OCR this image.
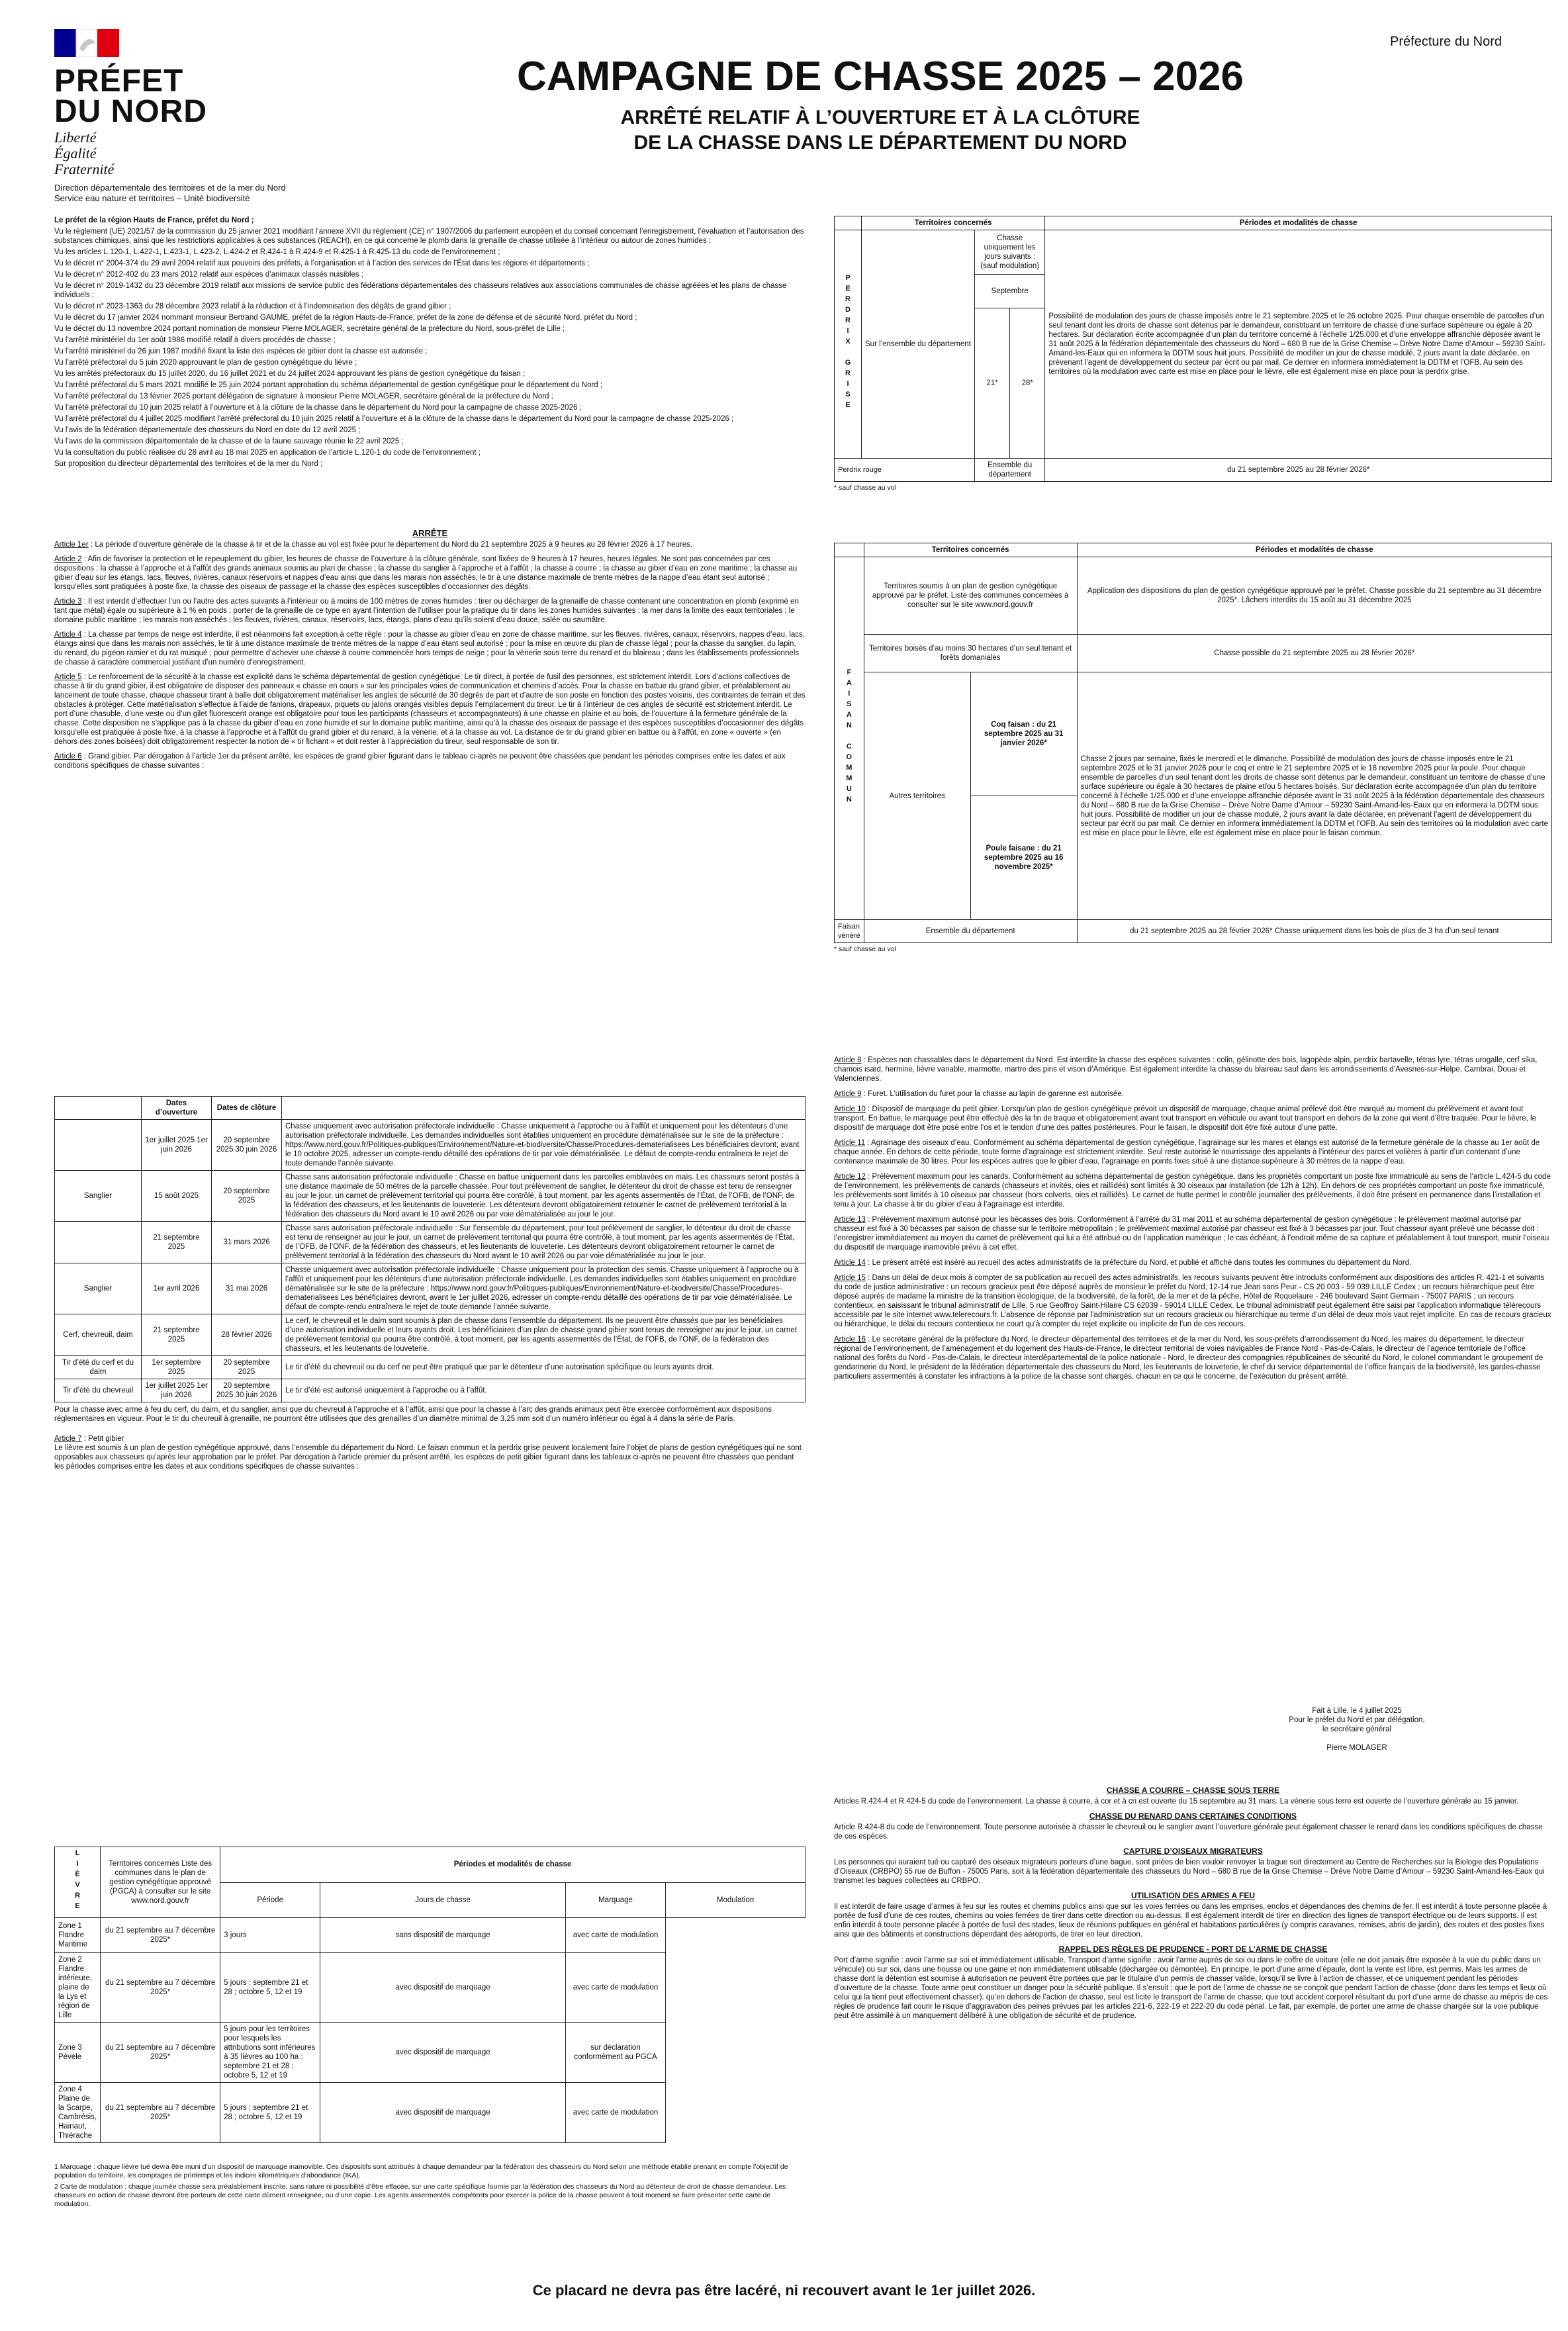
PRÉFET
DU NORD
Liberté
Égalité
Fraternité
Préfecture du Nord
CAMPAGNE DE CHASSE 2025 – 2026
ARRÊTÉ RELATIF À L’OUVERTURE ET À LA CLÔTURE
DE LA CHASSE DANS LE DÉPARTEMENT DU NORD
Direction départementale des territoires et de la mer du Nord
Service eau nature et territoires – Unité biodiversité

Le préfet de la région Hauts de France, préfet du Nord ;

Vu le règlement (UE) 2021/57 de la commission du 25 janvier 2021 modifiant l’annexe XVII du règlement (CE) n° 1907/2006 du parlement européen et du conseil concernant l’enregistrement, l’évaluation et l’autorisation des substances chimiques, ainsi que les restrictions applicables à ces substances (REACH), en ce qui concerne le plomb dans la grenaille de chasse utilisée à l’intérieur ou autour de zones humides ;

Vu les articles L.120-1, L.422-1, L.423-1, L.423-2, L.424-2 et R.424-1 à R.424-9 et R.425-1 à R.425-13 du code de l’environnement ;

Vu le décret n° 2004-374 du 29 avril 2004 relatif aux pouvoirs des préfets, à l’organisation et à l’action des services de l’État dans les régions et départements ;

Vu le décret n° 2012-402 du 23 mars 2012 relatif aux espèces d’animaux classés nuisibles ;

Vu le décret n° 2019-1432 du 23 décembre 2019 relatif aux missions de service public des fédérations départementales des chasseurs relatives aux associations communales de chasse agréées et les plans de chasse individuels ;

Vu le décret n° 2023-1363 du 28 décembre 2023 relatif à la réduction et à l’indemnisation des dégâts de grand gibier ;

Vu le décret du 17 janvier 2024 nommant monsieur Bertrand GAUME, préfet de la région Hauts-de-France, préfet de la zone de défense et de sécurité Nord, préfet du Nord ;

Vu le décret du 13 novembre 2024 portant nomination de monsieur Pierre MOLAGER, secrétaire général de la préfecture du Nord, sous-préfet de Lille ;

Vu l’arrêté ministériel du 1er août 1986 modifié relatif à divers procédés de chasse ;

Vu l’arrêté ministériel du 26 juin 1987 modifié fixant la liste des espèces de gibier dont la chasse est autorisée ;

Vu l’arrêté préfectoral du 5 juin 2020 approuvant le plan de gestion cynégétique du lièvre ;

Vu les arrêtés préfectoraux du 15 juillet 2020, du 16 juillet 2021 et du 24 juillet 2024 approuvant les plans de gestion cynégétique du faisan ;

Vu l’arrêté préfectoral du 5 mars 2021 modifié le 25 juin 2024 portant approbation du schéma départemental de gestion cynégétique pour le département du Nord ;

Vu l’arrêté préfectoral du 13 février 2025 portant délégation de signature à monsieur Pierre MOLAGER, secrétaire général de la préfecture du Nord ;

Vu l’arrêté préfectoral du 10 juin 2025 relatif à l’ouverture et à la clôture de la chasse dans le département du Nord pour la campagne de chasse 2025-2026 ;

Vu l’arrêté préfectoral du 4 juillet 2025 modifiant l’arrêté préfectoral du 10 juin 2025 relatif à l’ouverture et à la clôture de la chasse dans le département du Nord pour la campagne de chasse 2025-2026 ;

Vu l’avis de la fédération départementale des chasseurs du Nord en date du 12 avril 2025 ;

Vu l’avis de la commission départementale de la chasse et de la faune sauvage réunie le 22 avril 2025 ;

Vu la consultation du public réalisée du 28 avril au 18 mai 2025 en application de l’article L.120-1 du code de l’environnement ;

Sur proposition du directeur départemental des territoires et de la mer du Nord ;

ARRÊTE

Article 1er : La période d’ouverture générale de la chasse à tir et de la chasse au vol est fixée pour le département du Nord du 21 septembre 2025 à 9 heures au 28 février 2026 à 17 heures.

Article 2 : Afin de favoriser la protection et le repeuplement du gibier, les heures de chasse de l’ouverture à la clôture générale, sont fixées de 9 heures à 17 heures, heures légales. Ne sont pas concernées par ces dispositions : la chasse à l’approche et à l’affût des grands animaux soumis au plan de chasse ; la chasse du sanglier à l’approche et à l’affût ; la chasse à courre ; la chasse au gibier d’eau en zone maritime ; la chasse au gibier d’eau sur les étangs, lacs, fleuves, rivières, canaux réservoirs et nappes d’eau ainsi que dans les marais non asséchés, le tir à une distance maximale de trente mètres de la nappe d’eau étant seul autorisé ; lorsqu’elles sont pratiquées à poste fixe, la chasse des oiseaux de passage et la chasse des espèces susceptibles d’occasionner des dégâts.

Article 3 : Il est interdit d’effectuer l’un ou l’autre des actes suivants à l’intérieur ou à moins de 100 mètres de zones humides : tirer ou décharger de la grenaille de chasse contenant une concentration en plomb (exprimé en tant que métal) égale ou supérieure à 1 % en poids ; porter de la grenaille de ce type en ayant l’intention de l’utiliser pour la pratique du tir dans les zones humides suivantes : la mer dans la limite des eaux territoriales ; le domaine public maritime ; les marais non asséchés ; les fleuves, rivières, canaux, réservoirs, lacs, étangs, plans d’eau qu’ils soient d’eau douce, salée ou saumâtre.

Article 4 : La chasse par temps de neige est interdite, il est néanmoins fait exception à cette règle : pour la chasse au gibier d’eau en zone de chasse maritime, sur les fleuves, rivières, canaux, réservoirs, nappes d’eau, lacs, étangs ainsi que dans les marais non asséchés, le tir à une distance maximale de trente mètres de la nappe d’eau étant seul autorisé ; pour la mise en œuvre du plan de chasse légal ; pour la chasse du sanglier, du lapin, du renard, du pigeon ramier et du rat musqué ; pour permettre d’achever une chasse à courre commencée hors temps de neige ; pour la vènerie sous terre du renard et du blaireau ; dans les établissements professionnels de chasse à caractère commercial justifiant d’un numéro d’enregistrement.

Article 5 : Le renforcement de la sécurité à la chasse est explicité dans le schéma départemental de gestion cynégétique. Le tir direct, à portée de fusil des personnes, est strictement interdit. Lors d’actions collectives de chasse à tir du grand gibier, il est obligatoire de disposer des panneaux « chasse en cours » sur les principales voies de communication et chemins d’accès. Pour la chasse en battue du grand gibier, et préalablement au lancement de toute chasse, chaque chasseur tirant à balle doit obligatoirement matérialiser les angles de sécurité de 30 degrés de part et d’autre de son poste en fonction des postes voisins, des contraintes de terrain et des obstacles à protéger. Cette matérialisation s’effectue à l’aide de fanions, drapeaux, piquets ou jalons orangés visibles depuis l’emplacement du tireur. Le tir à l’intérieur de ces angles de sécurité est strictement interdit. Le port d’une chasuble, d’une veste ou d’un gilet fluorescent orange est obligatoire pour tous les participants (chasseurs et accompagnateurs) à une chasse en plaine et au bois, de l’ouverture à la fermeture générale de la chasse. Cette disposition ne s’applique pas à la chasse du gibier d’eau en zone humide et sur le domaine public maritime, ainsi qu’à la chasse des oiseaux de passage et des espèces susceptibles d’occasionner des dégâts lorsqu’elle est pratiquée à poste fixe, à la chasse à l’approche et à l’affût du grand gibier et du renard, à la vènerie, et à la chasse au vol. La distance de tir du grand gibier en battue ou à l’affût, en zone « ouverte » (en dehors des zones boisées) doit obligatoirement respecter la notion de « tir fichant » et doit rester à l’appréciation du tireur, seul responsable de son tir.

Article 6 : Grand gibier. Par dérogation à l’article 1er du présent arrêté, les espèces de grand gibier figurant dans le tableau ci-après ne peuvent être chassées que pendant les périodes comprises entre les dates et aux conditions spécifiques de chasse suivantes :

	Dates d’ouverture	Dates de clôture	
	1er juillet 2025 1er juin 2026	20 septembre 2025 30 juin 2026	Chasse uniquement avec autorisation préfectorale individuelle : Chasse uniquement à l’approche ou à l’affût et uniquement pour les détenteurs d’une autorisation préfectorale individuelle. Les demandes individuelles sont établies uniquement en procédure dématérialisée sur le site de la préfecture : https://www.nord.gouv.fr/Politiques-publiques/Environnement/Nature-et-biodiversite/Chasse/Procedures-dematerialisees Les bénéficiaires devront, avant le 10 octobre 2025, adresser un compte-rendu détaillé des opérations de tir par voie dématérialisée. Le défaut de compte-rendu entraînera le rejet de toute demande l’année suivante.
Sanglier	15 août 2025	20 septembre 2025	Chasse sans autorisation préfectorale individuelle : Chasse en battue uniquement dans les parcelles emblavées en maïs. Les chasseurs seront postés à une distance maximale de 50 mètres de la parcelle chassée. Pour tout prélèvement de sanglier, le détenteur du droit de chasse est tenu de renseigner au jour le jour, un carnet de prélèvement territorial qui pourra être contrôlé, à tout moment, par les agents assermentés de l’État, de l’OFB, de l’ONF, de la fédération des chasseurs, et les lieutenants de louveterie. Les détenteurs devront obligatoirement retourner le carnet de prélèvement territorial à la fédération des chasseurs du Nord avant le 10 avril 2026 ou par voie dématérialisée au jour le jour.
	21 septembre 2025	31 mars 2026	Chasse sans autorisation préfectorale individuelle : Sur l’ensemble du département, pour tout prélèvement de sanglier, le détenteur du droit de chasse est tenu de renseigner au jour le jour, un carnet de prélèvement territorial qui pourra être contrôlé, à tout moment, par les agents assermentés de l’État, de l’OFB, de l’ONF, de la fédération des chasseurs, et les lieutenants de louveterie. Les détenteurs devront obligatoirement retourner le carnet de prélèvement territorial à la fédération des chasseurs du Nord avant le 10 avril 2026 ou par voie dématérialisée au jour le jour.
Sanglier	1er avril 2026	31 mai 2026	Chasse uniquement avec autorisation préfectorale individuelle : Chasse uniquement pour la protection des semis. Chasse uniquement à l’approche ou à l’affût et uniquement pour les détenteurs d’une autorisation préfectorale individuelle. Les demandes individuelles sont établies uniquement en procédure dématérialisée sur le site de la préfecture : https://www.nord.gouv.fr/Politiques-publiques/Environnement/Nature-et-biodiversite/Chasse/Procedures-dematerialisees Les bénéficiaires devront, avant le 1er juillet 2026, adresser un compte-rendu détaillé des opérations de tir par voie dématérialisée. Le défaut de compte-rendu entraînera le rejet de toute demande l’année suivante.
Cerf, chevreuil, daim	21 septembre 2025	28 février 2026	Le cerf, le chevreuil et le daim sont soumis à plan de chasse dans l’ensemble du département. Ils ne peuvent être chassés que par les bénéficiaires d’une autorisation individuelle et leurs ayants droit. Les bénéficiaires d’un plan de chasse grand gibier sont tenus de renseigner au jour le jour, un carnet de prélèvement territorial qui pourra être contrôlé, à tout moment, par les agents assermentés de l’État, de l’OFB, de l’ONF, de la fédération des chasseurs, et les lieutenants de louveterie.
Tir d’été du cerf et du daim	1er septembre 2025	20 septembre 2025	Le tir d’été du chevreuil ou du cerf ne peut être pratiqué que par le détenteur d’une autorisation spécifique ou leurs ayants droit.
Tir d’été du chevreuil	1er juillet 2025 1er juin 2026	20 septembre 2025 30 juin 2026	Le tir d’été est autorisé uniquement à l’approche ou à l’affût.
Pour la chasse avec arme à feu du cerf, du daim, et du sanglier, ainsi que du chevreuil à l’approche et à l’affût, ainsi que pour la chasse à l’arc des grands animaux peut être exercée conformément aux dispositions réglementaires en vigueur. Pour le tir du chevreuil à grenaille, ne pourront être utilisées que des grenailles d’un diamètre minimal de 3,25 mm soit d’un numéro inférieur ou égal à 4 dans la série de Paris.
Article 7 : Petit gibier
Le lièvre est soumis à un plan de gestion cynégétique approuvé, dans l’ensemble du département du Nord. Le faisan commun et la perdrix grise peuvent localement faire l’objet de plans de gestion cynégétiques qui ne sont opposables aux chasseurs qu’après leur approbation par le préfet. Par dérogation à l’article premier du présent arrêté, les espèces de petit gibier figurant dans les tableaux ci-après ne peuvent être chassées que pendant les périodes comprises entre les dates et aux conditions spécifiques de chasse suivantes :
LIÈVRE	Territoires concernés Liste des communes dans le plan de gestion cynégétique approuvé (PGCA) à consulter sur le site www.nord.gouv.fr	Périodes et modalités de chasse			
		Période	Jours de chasse	Marquage	Modulation
Zone 1 Flandre Maritime	du 21 septembre au 7 décembre 2025*	3 jours	sans dispositif de marquage	avec carte de modulation	
Zone 2 Flandre intérieure, plaine de la Lys et région de Lille	du 21 septembre au 7 décembre 2025*	5 jours : septembre 21 et 28 ; octobre 5, 12 et 19	avec dispositif de marquage	avec carte de modulation	
Zone 3 Pévèle	du 21 septembre au 7 décembre 2025*	5 jours pour les territoires pour lesquels les attributions sont inférieures à 35 lièvres au 100 ha : septembre 21 et 28 ; octobre 5, 12 et 19	avec dispositif de marquage	sur déclaration conformément au PGCA	
Zone 4 Plaine de la Scarpe, Cambrésis, Hainaut, Thiérache	du 21 septembre au 7 décembre 2025*	5 jours : septembre 21 et 28 ; octobre 5, 12 et 19	avec dispositif de marquage	avec carte de modulation	
1 Marquage : chaque lièvre tué devra être muni d’un dispositif de marquage inamovible. Ces dispositifs sont attribués à chaque demandeur par la fédération des chasseurs du Nord selon une méthode établie prenant en compte l’objectif de population du territoire, les comptages de printemps et les indices kilométriques d’abondance (IKA).
2 Carte de modulation : chaque journée chasse sera préalablement inscrite, sans rature ni possibilité d’être effacée, sur une carte spécifique fournie par la fédération des chasseurs du Nord au détenteur de droit de chasse demandeur. Les chasseurs en action de chasse devront être porteurs de cette carte dûment renseignée, ou d’une copie. Les agents assermentés compétents pour exercer la police de la chasse peuvent à tout moment se faire présenter cette carte de modulation.
	Territoires concernés			Périodes et modalités de chasse
PERDRIX GRISE	Sur l’ensemble du département	Chasse uniquement les jours suivants : (sauf modulation)		Possibilité de modulation des jours de chasse imposés entre le 21 septembre 2025 et le 26 octobre 2025. Pour chaque ensemble de parcelles d’un seul tenant dont les droits de chasse sont détenus par le demandeur, constituant un territoire de chasse d’une surface supérieure ou égale à 20 hectares. Sur déclaration écrite accompagnée d’un plan du territoire concerné à l’échelle 1/25.000 et d’une enveloppe affranchie déposée avant le 31 août 2025 à la fédération départementale des chasseurs du Nord – 680 B rue de la Grise Chemise – Drève Notre Dame d’Amour – 59230 Saint-Amand-les-Eaux qui en informera la DDTM sous huit jours. Possibilité de modifier un jour de chasse modulé, 2 jours avant la date déclarée, en prévenant l’agent de développement du secteur par écrit ou par mail. Ce dernier en informera immédiatement la DDTM et l’OFB. Au sein des territoires où la modulation avec carte est mise en place pour le lièvre, elle est également mise en place pour la perdrix grise.
		Septembre		
		21*	28*	
Perdrix rouge		Ensemble du département		du 21 septembre 2025 au 28 février 2026*
* sauf chasse au vol
	Territoires concernés		Périodes et modalités de chasse
FAISAN COMMUN	Territoires soumis à un plan de gestion cynégétique approuvé par le préfet. Liste des communes concernées à consulter sur le site www.nord.gouv.fr		Application des dispositions du plan de gestion cynégétique approuvé par le préfet. Chasse possible du 21 septembre au 31 décembre 2025*. Lâchers interdits du 15 août au 31 décembre 2025
	Territoires boisés d’au moins 30 hectares d’un seul tenant et forêts domaniales		Chasse possible du 21 septembre 2025 au 28 février 2026*
	Autres territoires	Coq faisan : du 21 septembre 2025 au 31 janvier 2026*	Chasse 2 jours par semaine, fixés le mercredi et le dimanche. Possibilité de modulation des jours de chasse imposés entre le 21 septembre 2025 et le 31 janvier 2026 pour le coq et entre le 21 septembre 2025 et le 16 novembre 2025 pour la poule. Pour chaque ensemble de parcelles d’un seul tenant dont les droits de chasse sont détenus par le demandeur, constituant un territoire de chasse d’une surface supérieure ou égale à 30 hectares de plaine et/ou 5 hectares boisés. Sur déclaration écrite accompagnée d’un plan du territoire concerné à l’échelle 1/25.000 et d’une enveloppe affranchie déposée avant le 31 août 2025 à la fédération départementale des chasseurs du Nord – 680 B rue de la Grise Chemise – Drève Notre Dame d’Amour – 59230 Saint-Amand-les-Eaux qui en informera la DDTM sous huit jours. Possibilité de modifier un jour de chasse modulé, 2 jours avant la date déclarée, en prévenant l’agent de développement du secteur par écrit ou par mail. Ce dernier en informera immédiatement la DDTM et l’OFB. Au sein des territoires où la modulation avec carte est mise en place pour le lièvre, elle est également mise en place pour le faisan commun.
		Poule faisane : du 21 septembre 2025 au 16 novembre 2025*	
Faisan vénéré	Ensemble du département		du 21 septembre 2025 au 28 février 2026* Chasse uniquement dans les bois de plus de 3 ha d’un seul tenant
* sauf chasse au vol

Article 8 : Espèces non chassables dans le département du Nord. Est interdite la chasse des espèces suivantes : colin, gélinotte des bois, lagopède alpin, perdrix bartavelle, tétras lyre, tétras urogalle, cerf sika, chamois isard, hermine, lièvre variable, marmotte, martre des pins et vison d’Amérique. Est également interdite la chasse du blaireau sauf dans les arrondissements d’Avesnes-sur-Helpe, Cambrai, Douai et Valenciennes.

Article 9 : Furet. L’utilisation du furet pour la chasse au lapin de garenne est autorisée.

Article 10 : Dispositif de marquage du petit gibier. Lorsqu’un plan de gestion cynégétique prévoit un dispositif de marquage, chaque animal prélevé doit être marqué au moment du prélèvement et avant tout transport. En battue, le marquage peut être effectué dès la fin de traque et obligatoirement avant tout transport en véhicule ou avant tout transport en dehors de la zone qui vient d’être traquée. Pour le lièvre, le dispositif de marquage doit être posé entre l’os et le tendon d’une des pattes postérieures. Pour le faisan, le dispositif doit être fixé autour d’une patte.

Article 11 : Agrainage des oiseaux d’eau. Conformément au schéma départemental de gestion cynégétique, l’agrainage sur les mares et étangs est autorisé de la fermeture générale de la chasse au 1er août de chaque année. En dehors de cette période, toute forme d’agrainage est strictement interdite. Seul reste autorisé le nourrissage des appelants à l’intérieur des parcs et volières à partir d’un contenant d’une contenance maximale de 30 litres. Pour les espèces autres que le gibier d’eau, l’agrainage en points fixes situé à une distance supérieure à 30 mètres de la nappe d’eau.

Article 12 : Prélèvement maximum pour les canards. Conformément au schéma départemental de gestion cynégétique, dans les propriétés comportant un poste fixe immatriculé au sens de l’article L.424-5 du code de l’environnement, les prélèvements de canards (chasseurs et invités, oies et raillidés) sont limités à 30 oiseaux par installation (de 12h à 12h). En dehors de ces propriétés comportant un poste fixe immatriculé, les prélèvements sont limités à 10 oiseaux par chasseur (hors colverts, oies et raillidés). Le carnet de hutte permet le contrôle journalier des prélèvements, il doit être présent en permanence dans l’installation et tenu à jour. La chasse à tir du gibier d’eau à l’agrainage est interdite.

Article 13 : Prélèvement maximum autorisé pour les bécasses des bois. Conformément à l’arrêté du 31 mai 2011 et au schéma départemental de gestion cynégétique : le prélèvement maximal autorisé par chasseur est fixé à 30 bécasses par saison de chasse sur le territoire métropolitain ; le prélèvement maximal autorisé par chasseur est fixé à 3 bécasses par jour. Tout chasseur ayant prélevé une bécasse doit : l’enregistrer immédiatement au moyen du carnet de prélèvement qui lui a été attribué ou de l’application numérique ; le cas échéant, à l’endroit même de sa capture et préalablement à tout transport, munir l’oiseau du dispositif de marquage inamovible prévu à cet effet.

Article 14 : Le présent arrêté est inséré au recueil des actes administratifs de la préfecture du Nord, et publié et affiché dans toutes les communes du département du Nord.

Article 15 : Dans un délai de deux mois à compter de sa publication au recueil des actes administratifs, les recours suivants peuvent être introduits conformément aux dispositions des articles R. 421-1 et suivants du code de justice administrative : un recours gracieux peut être déposé auprès de monsieur le préfet du Nord, 12-14 rue Jean sans Peur - CS 20 003 - 59 039 LILLE Cedex ; un recours hiérarchique peut être déposé auprès de madame la ministre de la transition écologique, de la biodiversité, de la forêt, de la mer et de la pêche, Hôtel de Roquelaure - 246 boulevard Saint Germain - 75007 PARIS ; un recours contentieux, en saisissant le tribunal administratif de Lille, 5 rue Geoffroy Saint-Hilaire CS 62039 - 59014 LILLE Cedex. Le tribunal administratif peut également être saisi par l’application informatique télérecours accessible par le site internet www.telerecours.fr. L’absence de réponse par l’administration sur un recours gracieux ou hiérarchique au terme d’un délai de deux mois vaut rejet implicite. En cas de recours gracieux ou hiérarchique, le délai du recours contentieux ne court qu’à compter du rejet explicite ou implicite de l’un de ces recours.

Article 16 : Le secrétaire général de la préfecture du Nord, le directeur départemental des territoires et de la mer du Nord, les sous-préfets d’arrondissement du Nord, les maires du département, le directeur régional de l’environnement, de l’aménagement et du logement des Hauts-de-France, le directeur territorial de voies navigables de France Nord - Pas-de-Calais, le directeur de l’agence territoriale de l’office national des forêts du Nord - Pas-de-Calais, le directeur interdépartemental de la police nationale - Nord, le directeur des compagnies républicaines de sécurité du Nord, le colonel commandant le groupement de gendarmerie du Nord, le président de la fédération départementale des chasseurs du Nord, les lieutenants de louveterie, le chef du service départemental de l’office français de la biodiversité, les gardes-chasse particuliers assermentés à constater les infractions à la police de la chasse sont chargés, chacun en ce qui le concerne, de l’exécution du présent arrêté.

Fait à Lille, le 4 juillet 2025
Pour le préfet du Nord et par délégation,
le secrétaire général
Pierre MOLAGER
CHASSE A COURRE – CHASSE SOUS TERRE
Articles R.424-4 et R.424-5 du code de l’environnement. La chasse à courre, à cor et à cri est ouverte du 15 septembre au 31 mars. La vènerie sous terre est ouverte de l’ouverture générale au 15 janvier.
CHASSE DU RENARD DANS CERTAINES CONDITIONS
Article R.424-8 du code de l’environnement. Toute personne autorisée à chasser le chevreuil ou le sanglier avant l’ouverture générale peut également chasser le renard dans les conditions spécifiques de chasse de ces espèces.
CAPTURE D’OISEAUX MIGRATEURS
Les personnes qui auraient tué ou capturé des oiseaux migrateurs porteurs d’une bague, sont priées de bien vouloir renvoyer la bague soit directement au Centre de Recherches sur la Biologie des Populations d’Oiseaux (CRBPO) 55 rue de Buffon - 75005 Paris, soit à la fédération départementale des chasseurs du Nord – 680 B rue de la Grise Chemise – Drève Notre Dame d’Amour – 59230 Saint-Amand-les-Eaux qui transmet les bagues collectées au CRBPO.
UTILISATION DES ARMES A FEU
Il est interdit de faire usage d’armes à feu sur les routes et chemins publics ainsi que sur les voies ferrées ou dans les emprises, enclos et dépendances des chemins de fer. Il est interdit à toute personne placée à portée de fusil d’une de ces routes, chemins ou voies ferrées de tirer dans cette direction ou au-dessus. Il est également interdit de tirer en direction des lignes de transport électrique ou de leurs supports. Il est enfin interdit à toute personne placée à portée de fusil des stades, lieux de réunions publiques en général et habitations particulières (y compris caravanes, remises, abris de jardin), des routes et des postes fixes ainsi que des bâtiments et constructions dépendant des aéroports, de tirer en leur direction.
RAPPEL DES RÈGLES DE PRUDENCE - PORT DE L’ARME DE CHASSE
Port d’arme signifie : avoir l’arme sur soi et immédiatement utilisable. Transport d’arme signifie : avoir l’arme auprès de soi ou dans le coffre de voiture (elle ne doit jamais être exposée à la vue du public dans un véhicule) ou sur soi, dans une housse ou une gaine et non immédiatement utilisable (déchargée ou démontée). En principe, le port d’une arme d’épaule, dont la vente est libre, est permis. Mais les armes de chasse dont la détention est soumise à autorisation ne peuvent être portées que par le titulaire d’un permis de chasser valide, lorsqu’il se livre à l’action de chasser, et ce uniquement pendant les périodes d’ouverture de la chasse. Toute arme peut constituer un danger pour la sécurité publique. Il s’ensuit : que le port de l’arme de chasse ne se conçoit que pendant l’action de chasse (donc dans les temps et lieux où celui qui la tient peut effectivement chasser). qu’en dehors de l’action de chasse, seul est licite le transport de l’arme de chasse. que tout accident corporel résultant du port d’une arme de chasse au mépris de ces règles de prudence fait courir le risque d’aggravation des peines prévues par les articles 221-6, 222-19 et 222-20 du code pénal. Le fait, par exemple, de porter une arme de chasse chargée sur la voie publique peut être assimilé à un manquement délibéré à une obligation de sécurité et de prudence.
Ce placard ne devra pas être lacéré, ni recouvert avant le 1er juillet 2026.
